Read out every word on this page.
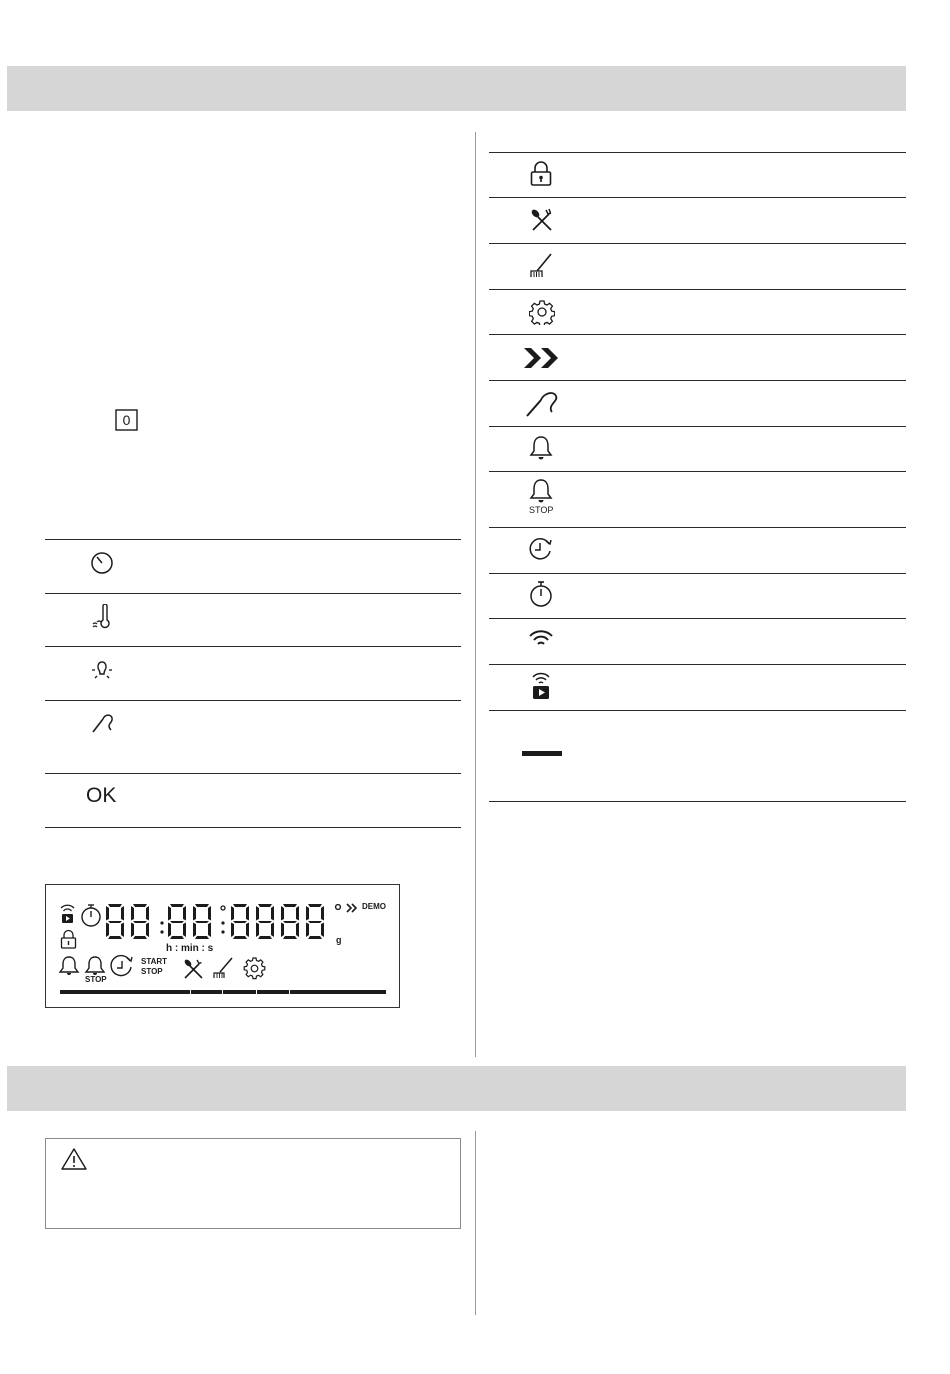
0
OK
STOP
DEMO
g
h : min : s
START
STOP
STOP
